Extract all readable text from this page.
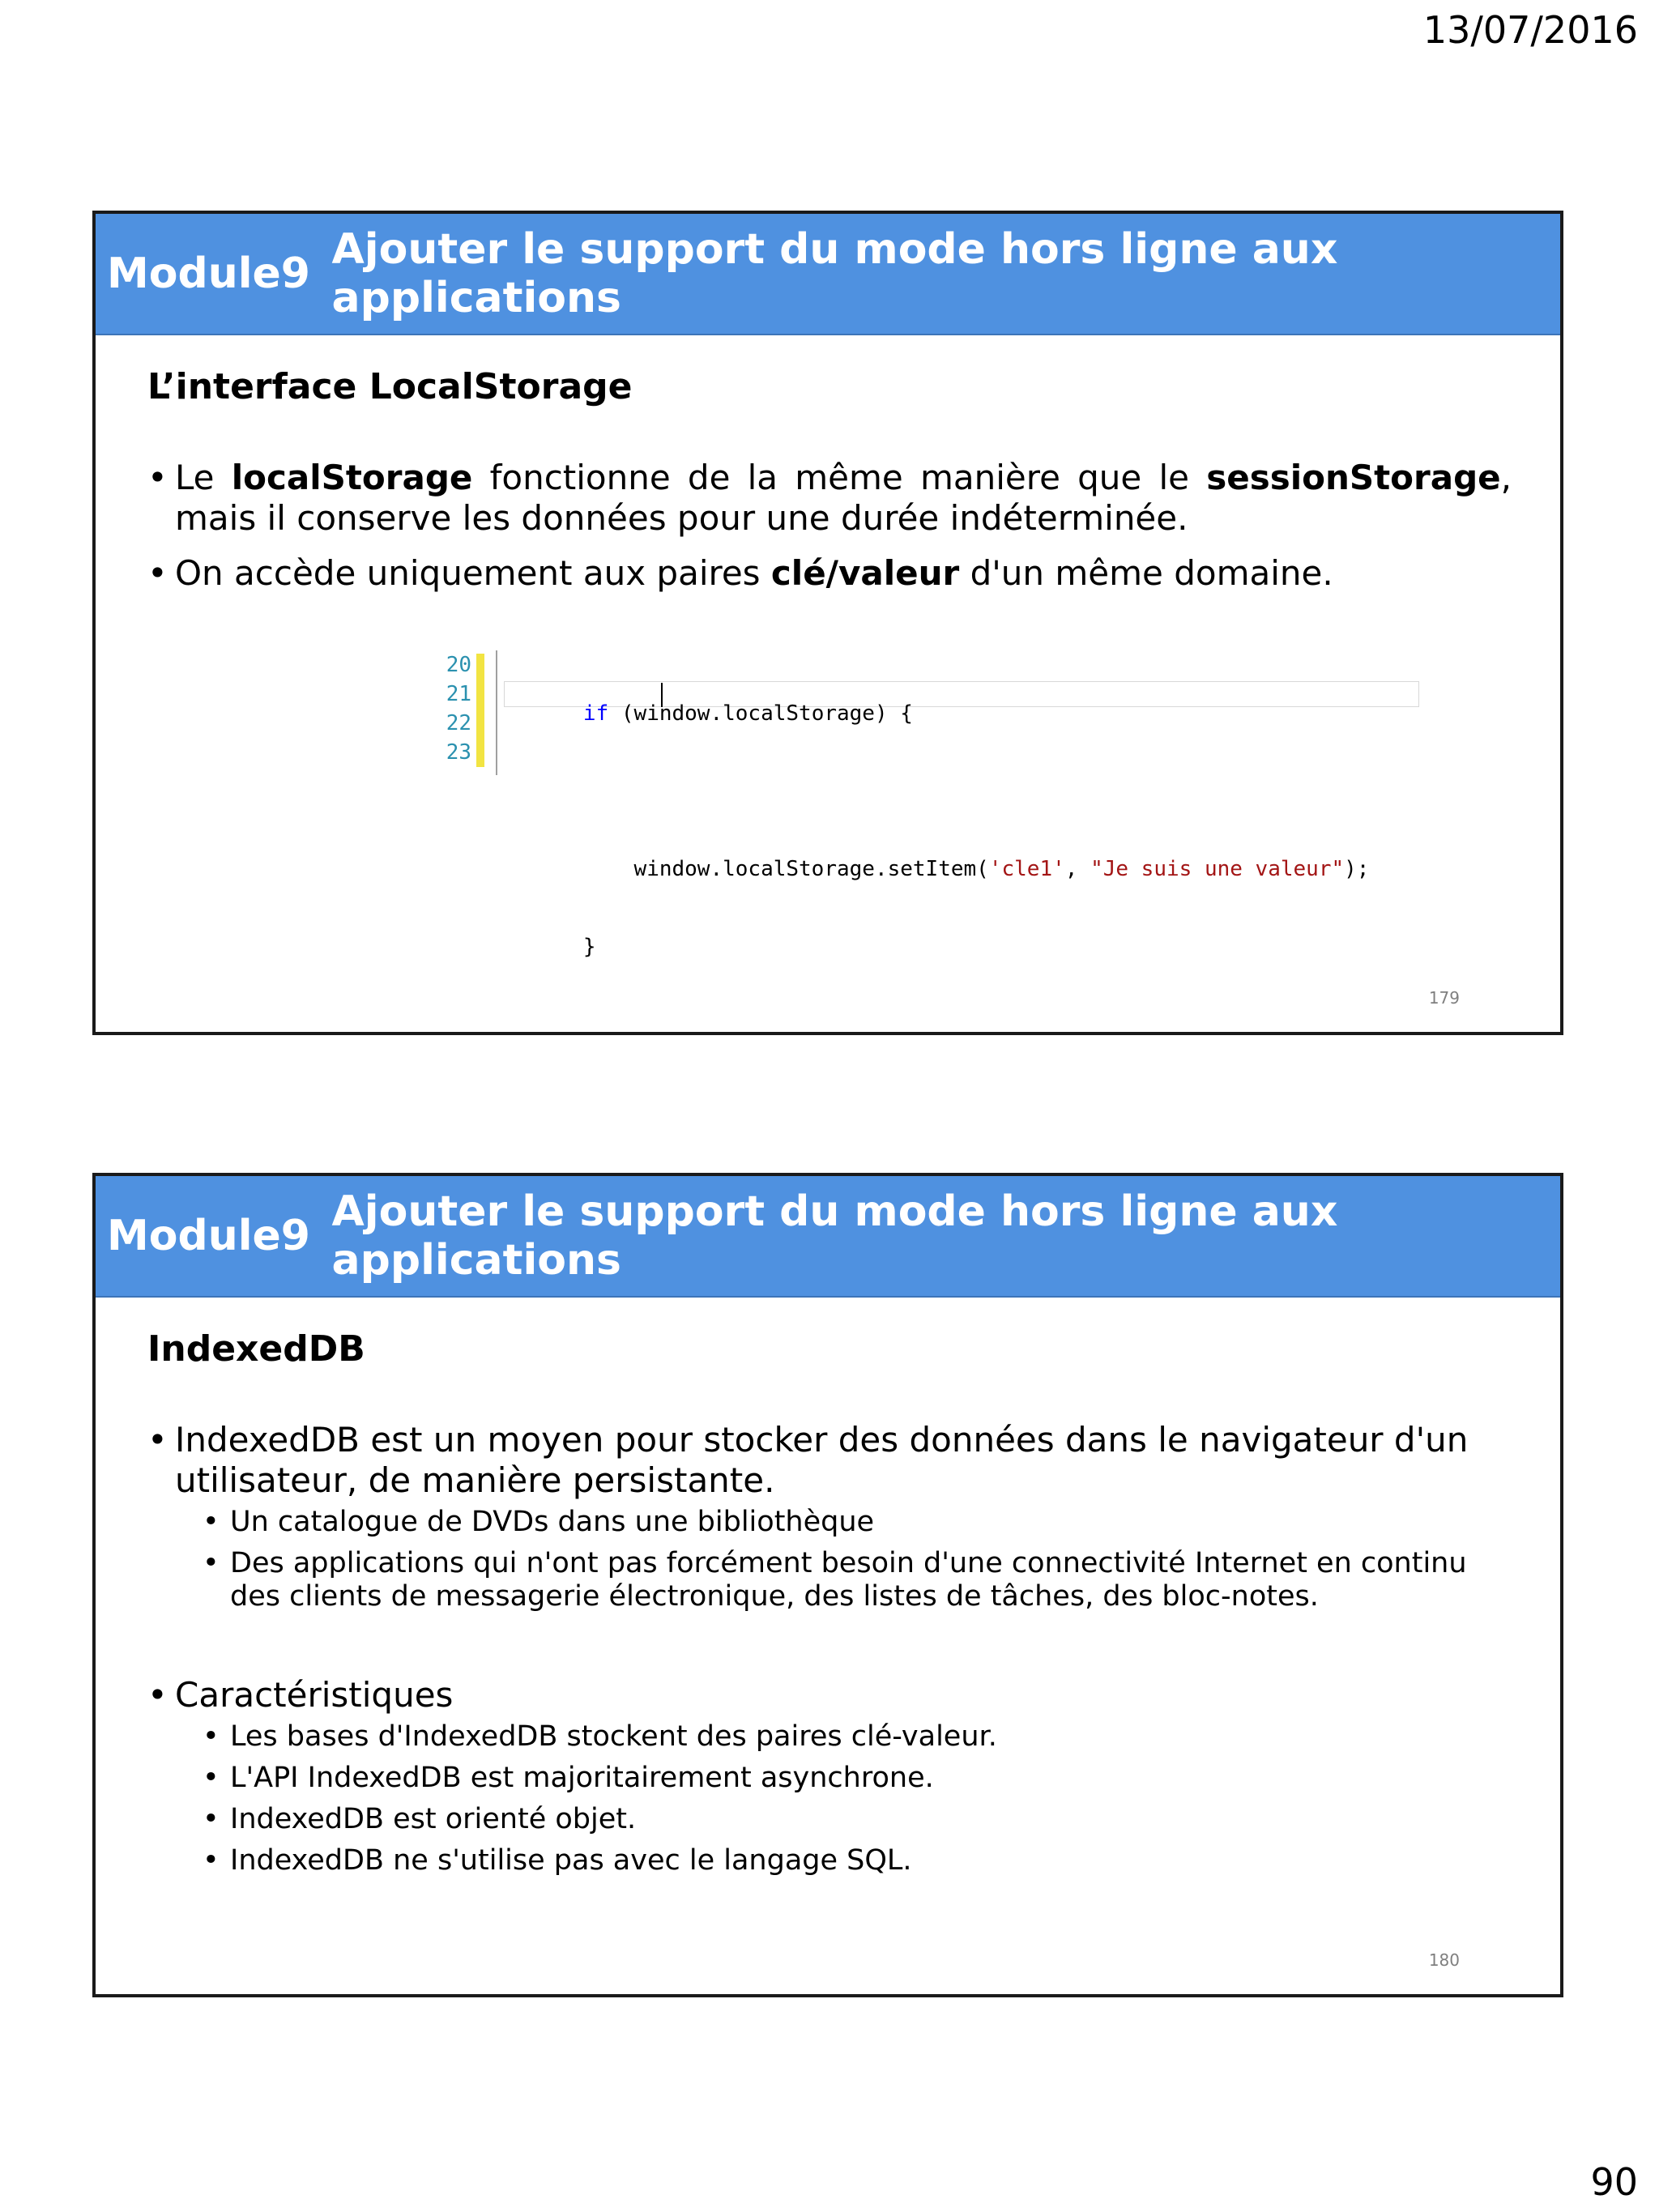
13/07/2016
Module9 Ajouter le support du mode hors ligne aux applications
L’interface LocalStorage
• Le localStorage fonctionne de la même manière que le sessionStorage, mais il conserve les données pour une durée indéterminée.
• On accède uniquement aux paires clé/valeur d'un même domaine.
20
21
22
23

if (window.localStorage) {

window.localStorage.setItem('cle1', "Je suis une valeur");

}

179
Module9 Ajouter le support du mode hors ligne aux applications
IndexedDB
• IndexedDB est un moyen pour stocker des données dans le navigateur d'un utilisateur, de manière persistante.
• Un catalogue de DVDs dans une bibliothèque
• Des applications qui n'ont pas forcément besoin d'une connectivité Internet en continu des clients de messagerie électronique, des listes de tâches, des bloc-notes.
• Caractéristiques
• Les bases d'IndexedDB stockent des paires clé-valeur.
• L'API IndexedDB est majoritairement asynchrone.
• IndexedDB est orienté objet.
• IndexedDB ne s'utilise pas avec le langage SQL.
180
90
